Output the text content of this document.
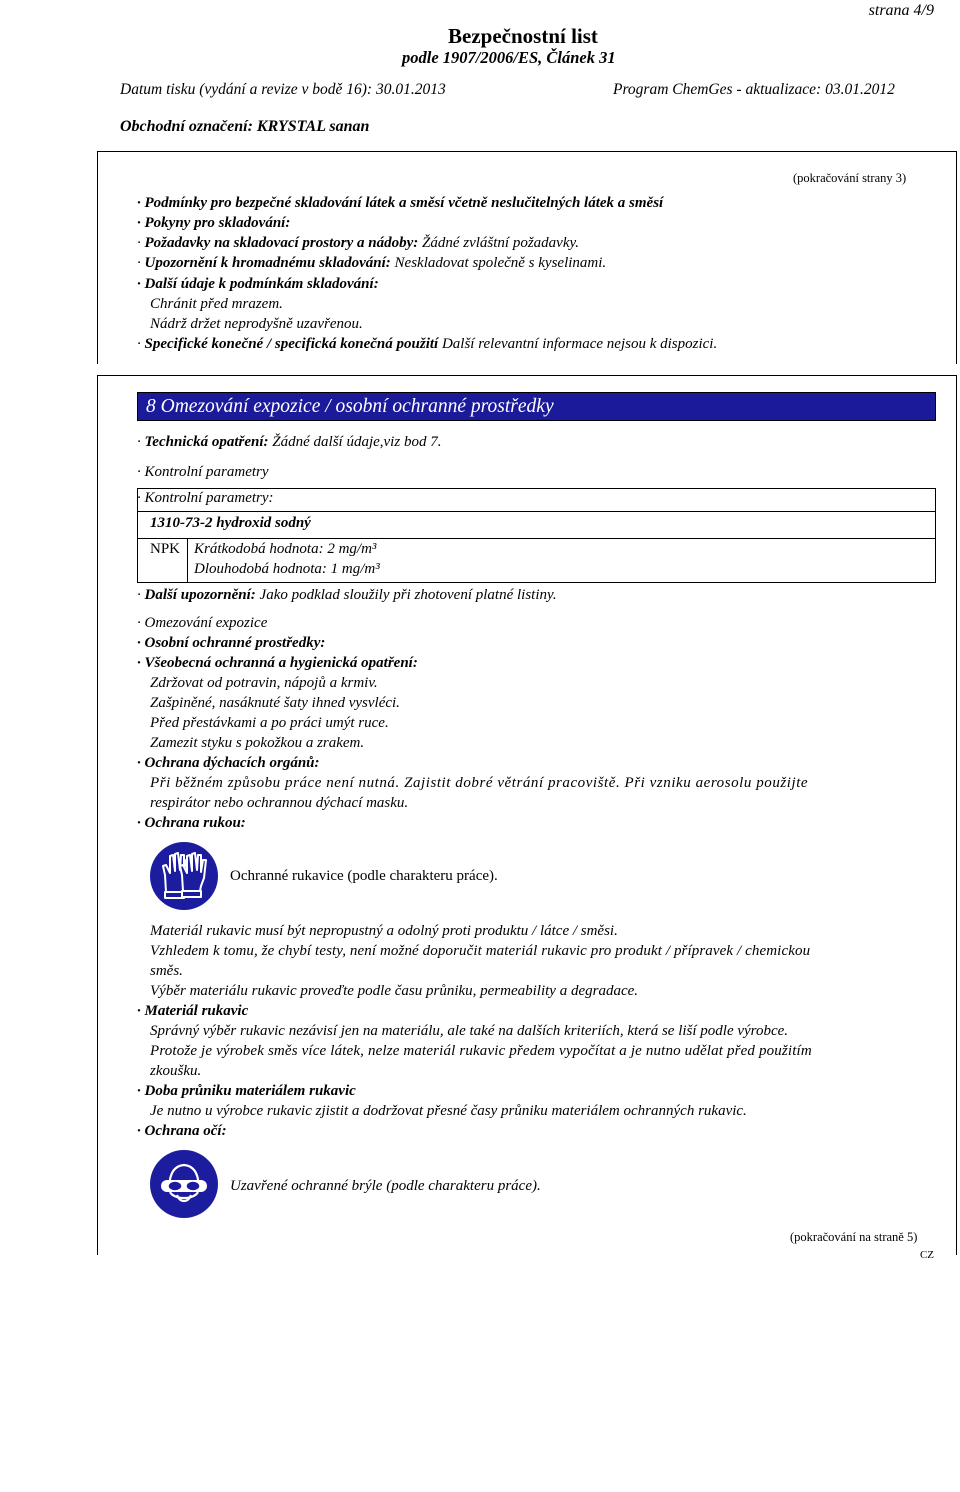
strana 4/9
Bezpečnostní list
podle 1907/2006/ES, Článek 31
Datum tisku (vydání a revize v bodě 16): 30.01.2013	Program ChemGes - aktualizace: 03.01.2012
Obchodní označení: KRYSTAL sanan
(pokračování strany 3)
· Podmínky pro bezpečné skladování látek a směsí včetně neslučitelných látek a směsí
· Pokyny pro skladování:
· Požadavky na skladovací prostory a nádoby: Žádné zvláštní požadavky.
· Upozornění k hromadnému skladování: Neskladovat společně s kyselinami.
· Další údaje k podmínkám skladování:
Chránit před mrazem.
Nádrž držet neprodyšně uzavřenou.
· Specifické konečné / specifická konečná použití Další relevantní informace nejsou k dispozici.
8 Omezování expozice / osobní ochranné prostředky
· Technická opatření: Žádné další údaje,viz bod 7.
· Kontrolní parametry
· Kontrolní parametry:
1310-73-2 hydroxid sodný
NPK Krátkodobá hodnota: 2 mg/m³
Dlouhodobá hodnota: 1 mg/m³
· Další upozornění: Jako podklad sloužily při zhotovení platné listiny.
· Omezování expozice
· Osobní ochranné prostředky:
· Všeobecná ochranná a hygienická opatření:
Zdržovat od potravin, nápojů a krmiv.
Zašpiněné, nasáknuté šaty ihned vysvléci.
Před přestávkami a po práci umýt ruce.
Zamezit styku s pokožkou a zrakem.
· Ochrana dýchacích orgánů:
Při běžném způsobu práce není nutná. Zajistit dobré větrání pracoviště. Při vzniku aerosolu použijte
respirátor nebo ochrannou dýchací masku.
· Ochrana rukou:
Ochranné rukavice (podle charakteru práce).
Materiál rukavic musí být nepropustný a odolný proti produktu / látce / směsi.
Vzhledem k tomu, že chybí testy, není možné doporučit materiál rukavic pro produkt / přípravek / chemickou
směs.
Výběr materiálu rukavic proveďte podle času průniku, permeability a degradace.
· Materiál rukavic
Správný výběr rukavic nezávisí jen na materiálu, ale také na dalších kriteriích, která se liší podle výrobce.
Protože je výrobek směs více látek, nelze materiál rukavic předem vypočítat a je nutno udělat před použitím
zkoušku.
· Doba průniku materiálem rukavic
Je nutno u výrobce rukavic zjistit a dodržovat přesné časy průniku materiálem ochranných rukavic.
· Ochrana očí:
Uzavřené ochranné brýle (podle charakteru práce).
(pokračování na straně 5)
CZ
